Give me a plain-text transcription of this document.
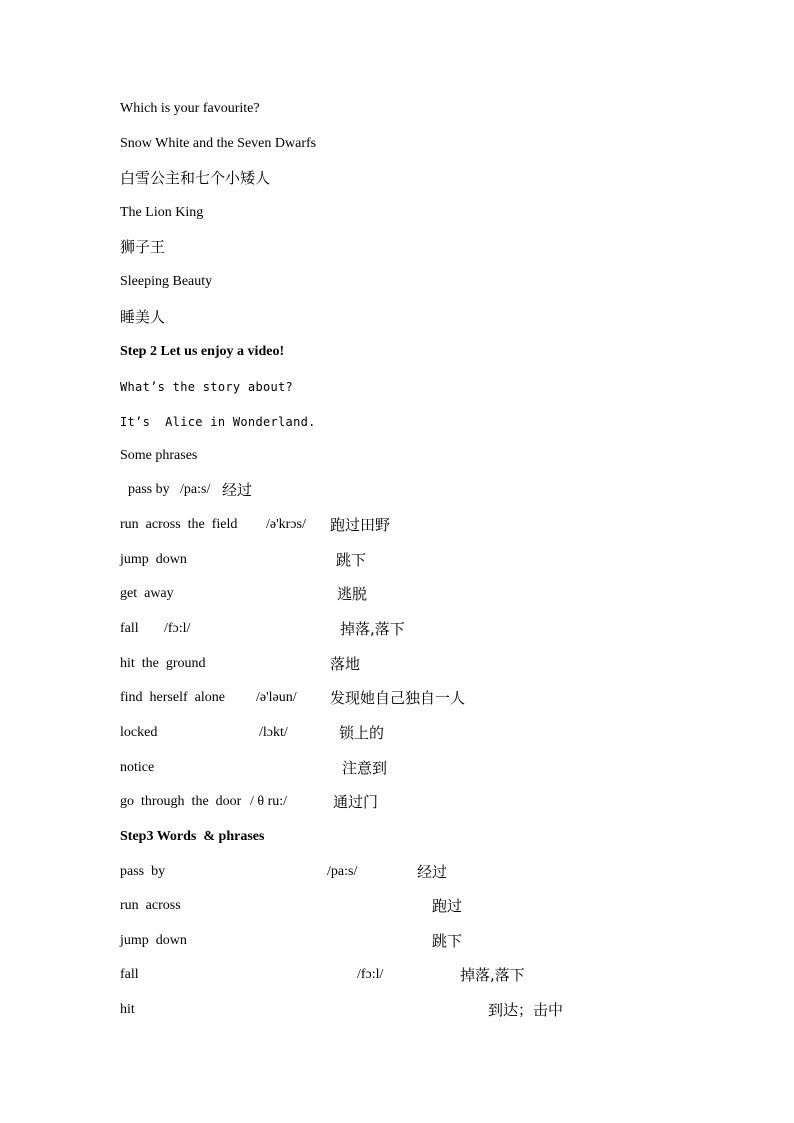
Which is your favourite?
Snow White and the Seven Dwarfs
白雪公主和七个小矮人
The Lion King
狮子王
Sleeping Beauty
睡美人
Step 2 Let us enjoy a video!
What’s the story about?
It’s  Alice in Wonderland.
Some phrases
pass by /pa:s/ 经过
run  across  the  field /ə'krɔs/ 跑过田野
jump  down	跳下
get  away	逃脱
fall /fɔ:l/	掉落,落下
hit  the  ground	落地
find  herself  alone /ə'ləun/ 发现她自己独自一人
locked	/lɔkt/	锁上的
notice	注意到
go  through  the  door / θ ru:/	通过门
Step3 Words  & phrases
pass  by	/pa:s/	经过
run  across	跑过
jump  down	跳下
fall	/fɔ:l/	掉落,落下
hit	到达；击中
